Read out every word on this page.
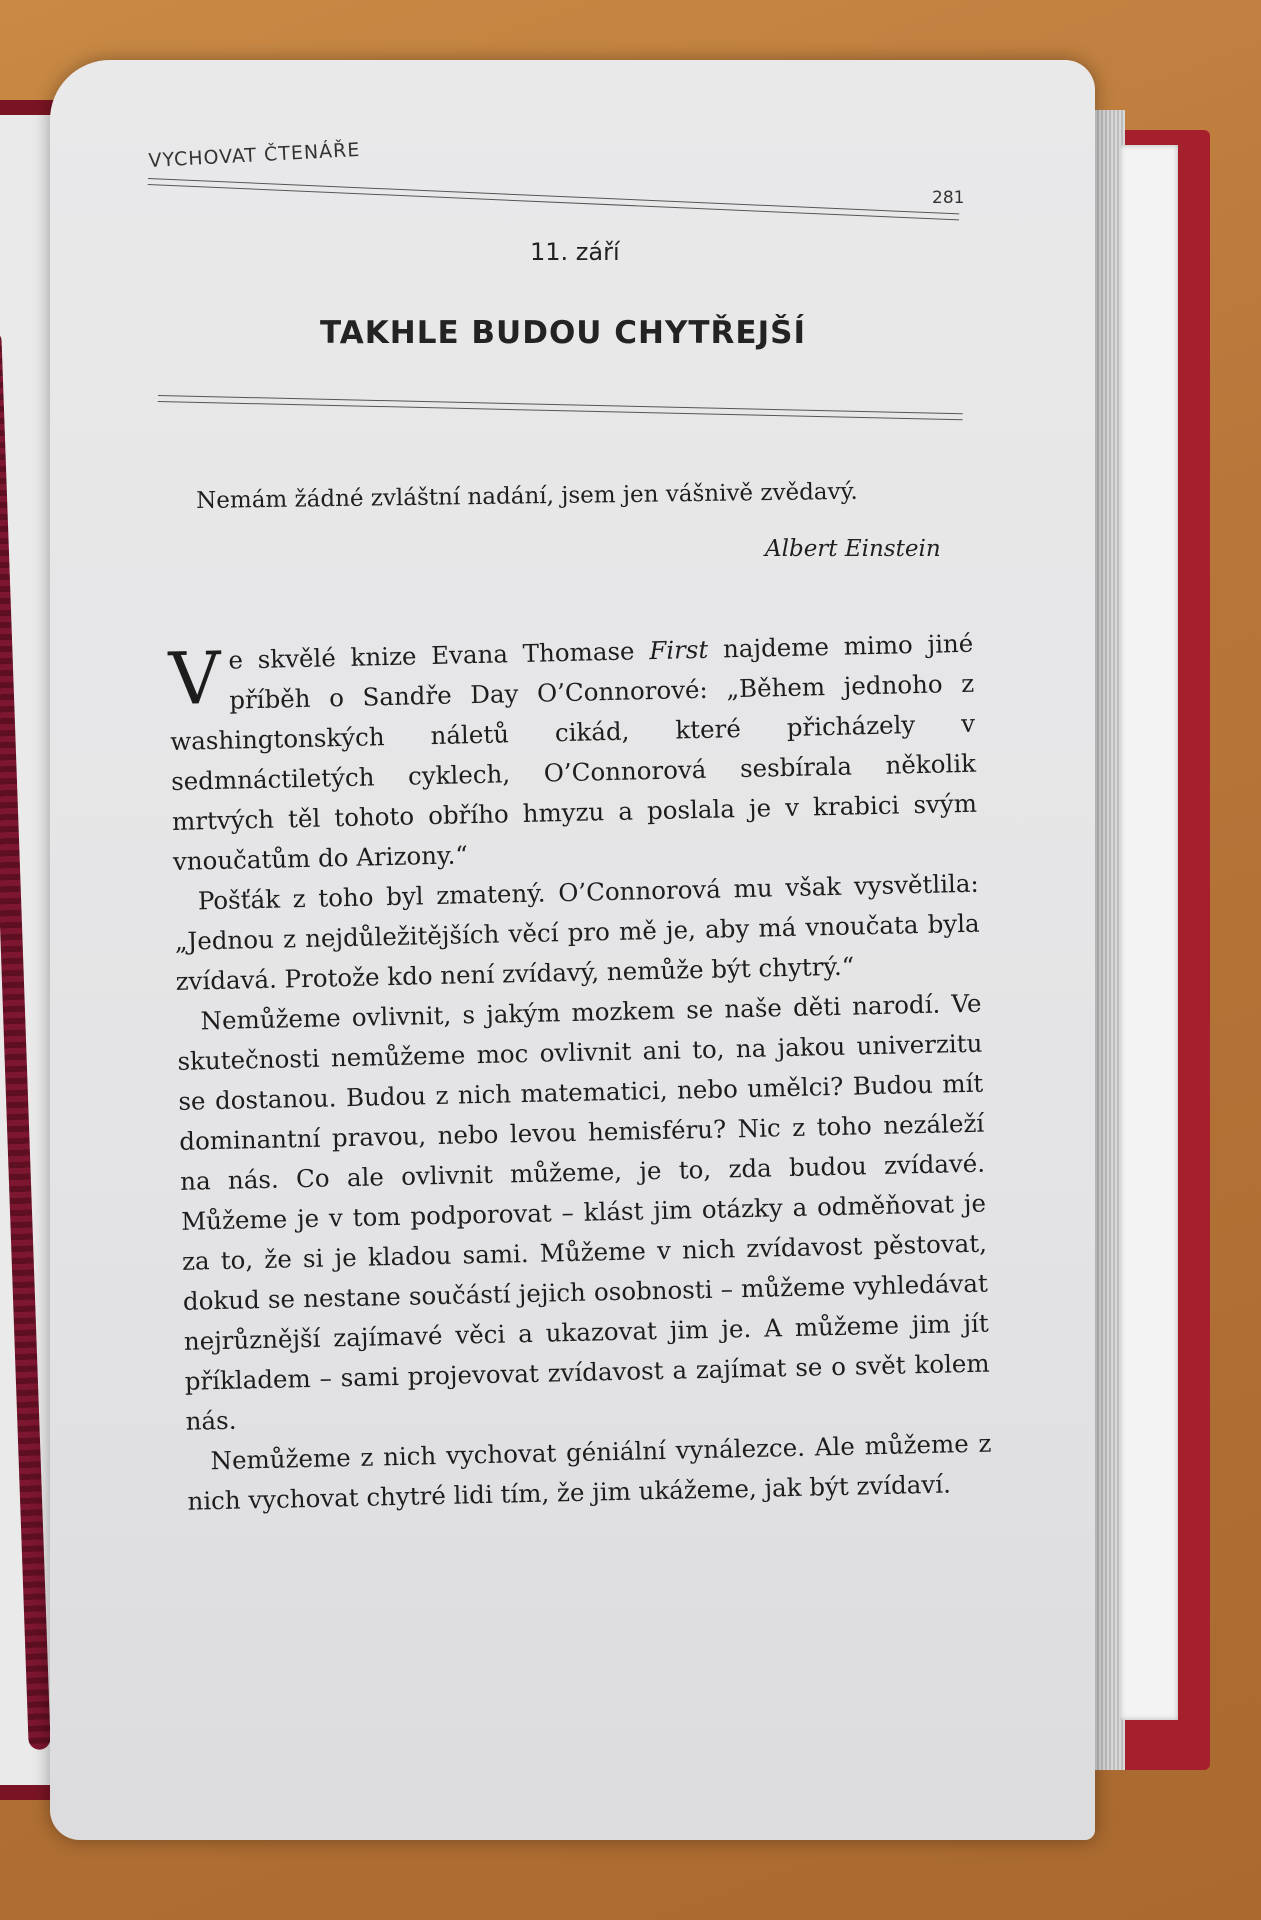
VYCHOVAT ČTENÁŘE
281
11. září
TAKHLE BUDOU CHYTŘEJŠÍ
Nemám žádné zvláštní nadání, jsem jen vášnivě zvědavý.
Albert Einstein

Ve skvělé knize Evana Thomase First najdeme mimo jiné příběh o Sandře Day O’Connorové: „Během jednoho z washingtonských náletů cikád, které přicházely v sedmnáctiletých cyklech, O’Connorová sesbírala několik mrtvých těl tohoto obřího hmyzu a poslala je v krabici svým vnoučatům do Arizony.“

Pošťák z toho byl zmatený. O’Connorová mu však vysvětlila: „Jednou z nejdůležitějších věcí pro mě je, aby má vnoučata byla zvídavá. Protože kdo není zvídavý, nemůže být chytrý.“

Nemůžeme ovlivnit, s jakým mozkem se naše děti narodí. Ve skutečnosti nemůžeme moc ovlivnit ani to, na jakou univerzitu se dostanou. Budou z nich matematici, nebo umělci? Budou mít dominantní pravou, nebo levou hemisféru? Nic z toho nezáleží na nás. Co ale ovlivnit můžeme, je to, zda budou zvídavé. Můžeme je v tom podporovat – klást jim otázky a odměňovat je za to, že si je kladou sami. Můžeme v nich zvídavost pěstovat, dokud se nestane součástí jejich osobnosti – můžeme vyhledávat nejrůznější zajímavé věci a ukazovat jim je. A můžeme jim jít příkladem – sami projevovat zvídavost a zajímat se o svět kolem nás.

Nemůžeme z nich vychovat géniální vynálezce. Ale můžeme z nich vychovat chytré lidi tím, že jim ukážeme, jak být zvídaví.
